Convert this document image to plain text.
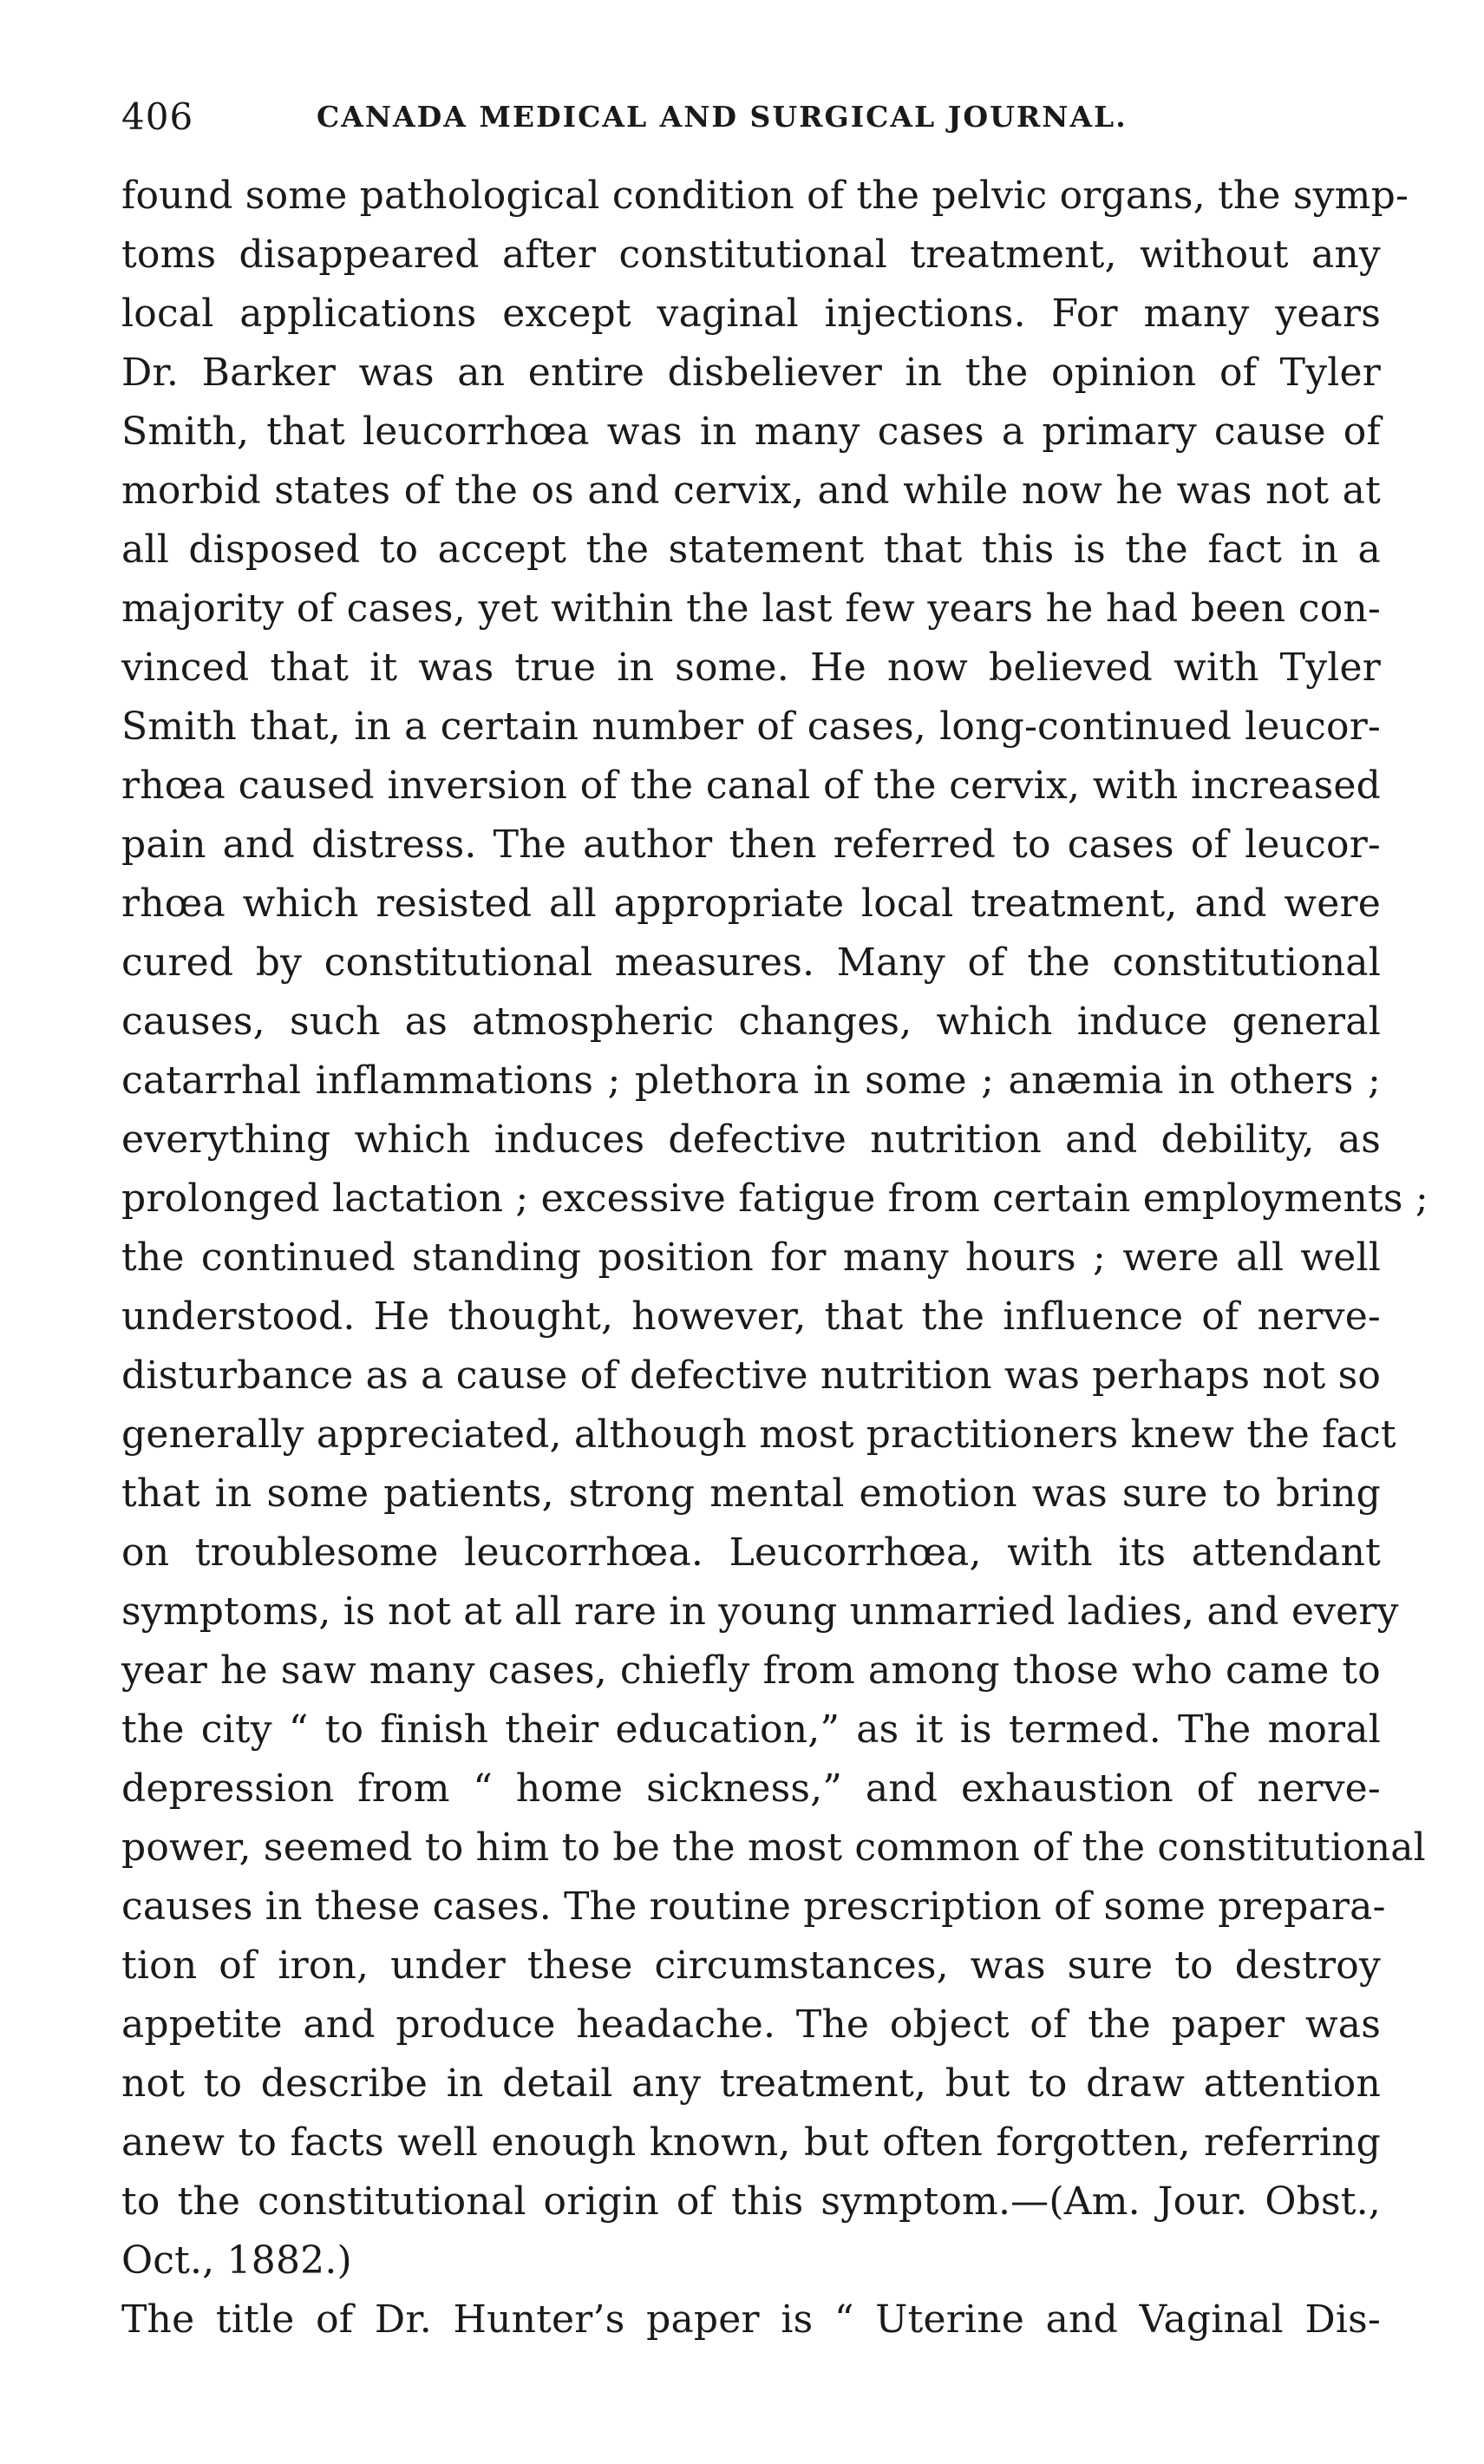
406	CANADA MEDICAL AND SURGICAL JOURNAL.
found some pathological condition of the pelvic organs, the symp-
toms disappeared after constitutional treatment, without any
local applications except vaginal injections. For many years
Dr. Barker was an entire disbeliever in the opinion of Tyler
Smith, that leucorrhœa was in many cases a primary cause of
morbid states of the os and cervix, and while now he was not at
all disposed to accept the statement that this is the fact in a
majority of cases, yet within the last few years he had been con-
vinced that it was true in some. He now believed with Tyler
Smith that, in a certain number of cases, long-continued leucor-
rhœa caused inversion of the canal of the cervix, with increased
pain and distress. The author then referred to cases of leucor-
rhœa which resisted all appropriate local treatment, and were
cured by constitutional measures. Many of the constitutional
causes, such as atmospheric changes, which induce general
catarrhal inflammations ; plethora in some ; anæmia in others ;
everything which induces defective nutrition and debility, as
prolonged lactation ; excessive fatigue from certain employments ;
the continued standing position for many hours ; were all well
understood. He thought, however, that the influence of nerve-
disturbance as a cause of defective nutrition was perhaps not so
generally appreciated, although most practitioners knew the fact
that in some patients, strong mental emotion was sure to bring
on troublesome leucorrhœa. Leucorrhœa, with its attendant
symptoms, is not at all rare in young unmarried ladies, and every
year he saw many cases, chiefly from among those who came to
the city “ to finish their education,” as it is termed. The moral
depression from “ home sickness,” and exhaustion of nerve-
power, seemed to him to be the most common of the constitutional
causes in these cases. The routine prescription of some prepara-
tion of iron, under these circumstances, was sure to destroy
appetite and produce headache. The object of the paper was
not to describe in detail any treatment, but to draw attention
anew to facts well enough known, but often forgotten, referring
to the constitutional origin of this symptom.—(Am. Jour. Obst.,
Oct., 1882.)
The title of Dr. Hunter’s paper is “ Uterine and Vaginal Dis-
